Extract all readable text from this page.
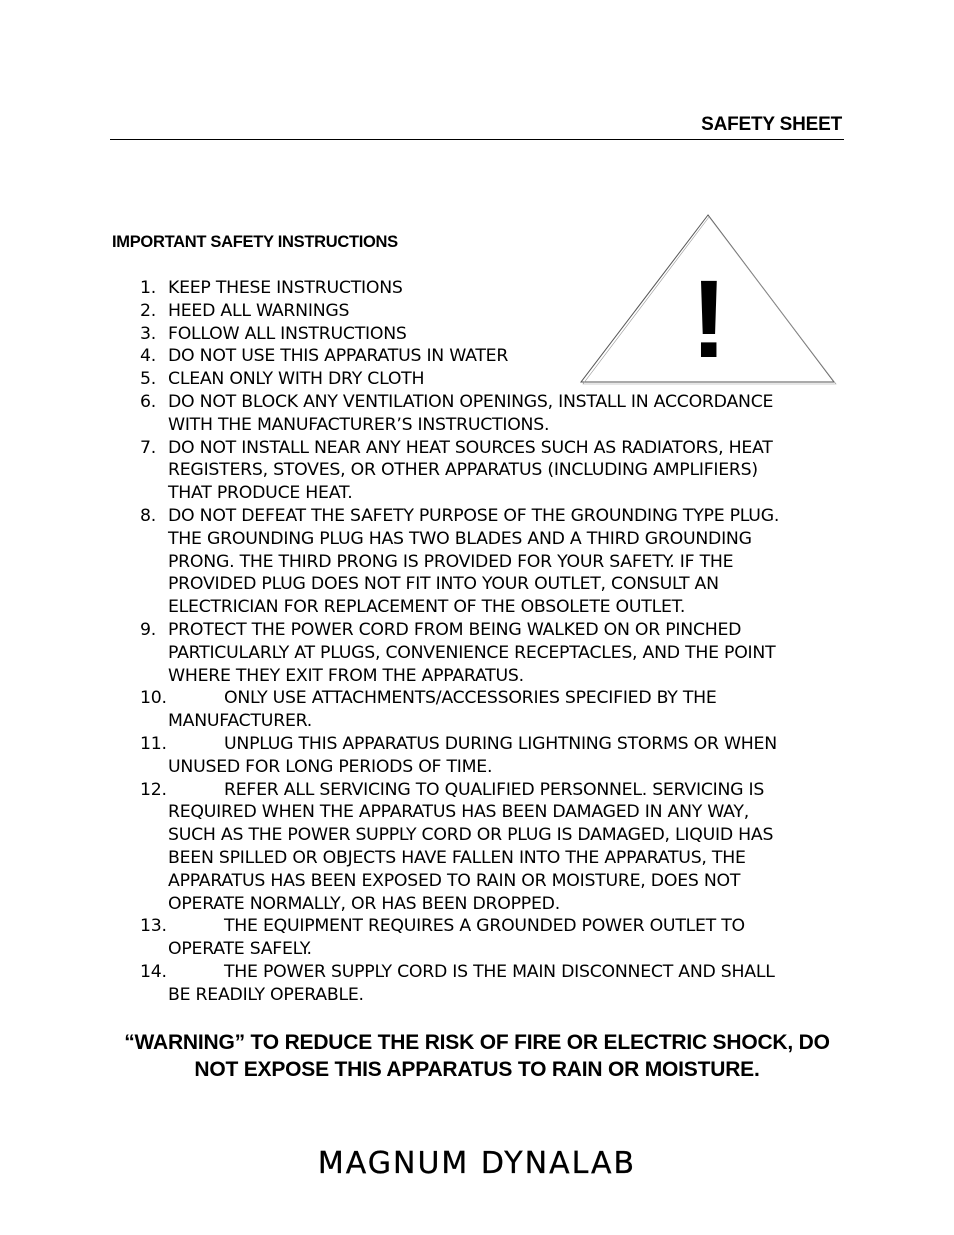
SAFETY SHEET
IMPORTANT SAFETY INSTRUCTIONS
!
1. KEEP THESE INSTRUCTIONS
2. HEED ALL WARNINGS
3. FOLLOW ALL INSTRUCTIONS
4. DO NOT USE THIS APPARATUS IN WATER
5. CLEAN ONLY WITH DRY CLOTH
6. DO NOT BLOCK ANY VENTILATION OPENINGS, INSTALL IN ACCORDANCE
WITH THE MANUFACTURER’S INSTRUCTIONS.
7. DO NOT INSTALL NEAR ANY HEAT SOURCES SUCH AS RADIATORS, HEAT
REGISTERS, STOVES, OR OTHER APPARATUS (INCLUDING AMPLIFIERS)
THAT PRODUCE HEAT.
8. DO NOT DEFEAT THE SAFETY PURPOSE OF THE GROUNDING TYPE PLUG.
THE GROUNDING PLUG HAS TWO BLADES AND A THIRD GROUNDING
PRONG. THE THIRD PRONG IS PROVIDED FOR YOUR SAFETY. IF THE
PROVIDED PLUG DOES NOT FIT INTO YOUR OUTLET, CONSULT AN
ELECTRICIAN FOR REPLACEMENT OF THE OBSOLETE OUTLET.
9. PROTECT THE POWER CORD FROM BEING WALKED ON OR PINCHED
PARTICULARLY AT PLUGS, CONVENIENCE RECEPTACLES, AND THE POINT
WHERE THEY EXIT FROM THE APPARATUS.
10.	ONLY USE ATTACHMENTS/ACCESSORIES SPECIFIED BY THE
MANUFACTURER.
11.	UNPLUG THIS APPARATUS DURING LIGHTNING STORMS OR WHEN
UNUSED FOR LONG PERIODS OF TIME.
12.	REFER ALL SERVICING TO QUALIFIED PERSONNEL. SERVICING IS
REQUIRED WHEN THE APPARATUS HAS BEEN DAMAGED IN ANY WAY,
SUCH AS THE POWER SUPPLY CORD OR PLUG IS DAMAGED, LIQUID HAS
BEEN SPILLED OR OBJECTS HAVE FALLEN INTO THE APPARATUS, THE
APPARATUS HAS BEEN EXPOSED TO RAIN OR MOISTURE, DOES NOT
OPERATE NORMALLY, OR HAS BEEN DROPPED.
13.	THE EQUIPMENT REQUIRES A GROUNDED POWER OUTLET TO
OPERATE SAFELY.
14.	THE POWER SUPPLY CORD IS THE MAIN DISCONNECT AND SHALL
BE READILY OPERABLE.
“WARNING” TO REDUCE THE RISK OF FIRE OR ELECTRIC SHOCK, DO
NOT EXPOSE THIS APPARATUS TO RAIN OR MOISTURE.
MAGNUM DYNALAB
